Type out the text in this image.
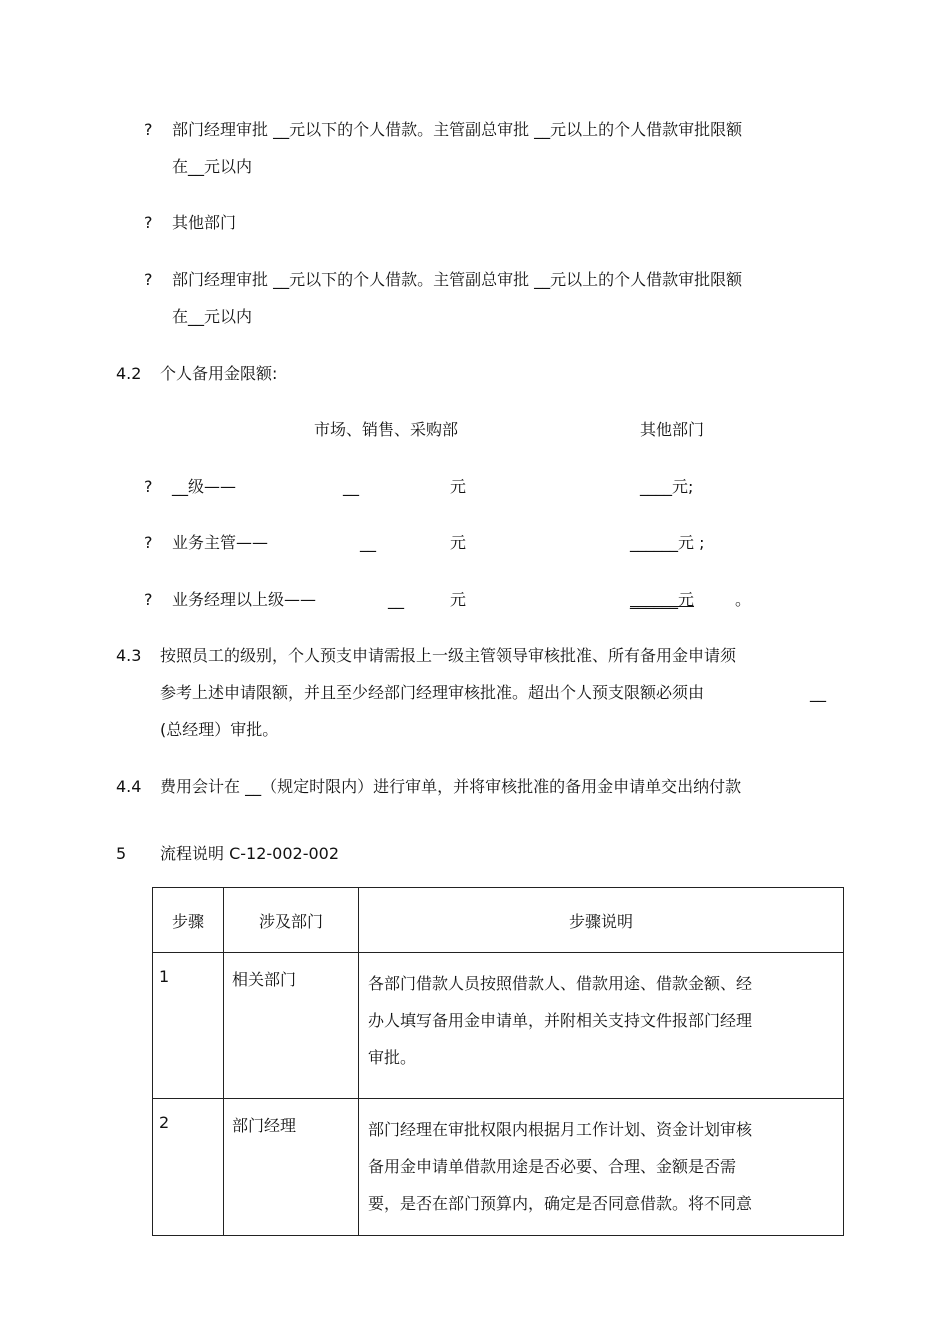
? 部门经理审批 __元以下的个人借款。主管副总审批 __元以上的个人借款审批限额
在__元以内
? 其他部门
? 部门经理审批 __元以下的个人借款。主管副总审批 __元以上的个人借款审批限额
在__元以内
4.2 个人备用金限额:
市场、销售、采购部	其他部门
? __级——	__	元	____元;
? 业务主管——	__	元	______元 ;
? 业务经理以上级——	__	元	______元	。
4.3 按照员工的级别，个人预支申请需报上一级主管领导审核批准、所有备用金申请须
参考上述申请限额，并且至少经部门经理审核批准。超出个人预支限额必须由	__
(总经理）审批。
4.4 费用会计在 __（规定时限内）进行审单，并将审核批准的备用金申请单交出纳付款
5 流程说明 C-12-002-002
步骤	涉及部门	步骤说明
1	相关部门	各部门借款人员按照借款人、借款用途、借款金额、经
办人填写备用金申请单，并附相关支持文件报部门经理
审批。

2	部门经理	部门经理在审批权限内根据月工作计划、资金计划审核
备用金申请单借款用途是否必要、合理、金额是否需
要，是否在部门预算内，确定是否同意借款。将不同意
